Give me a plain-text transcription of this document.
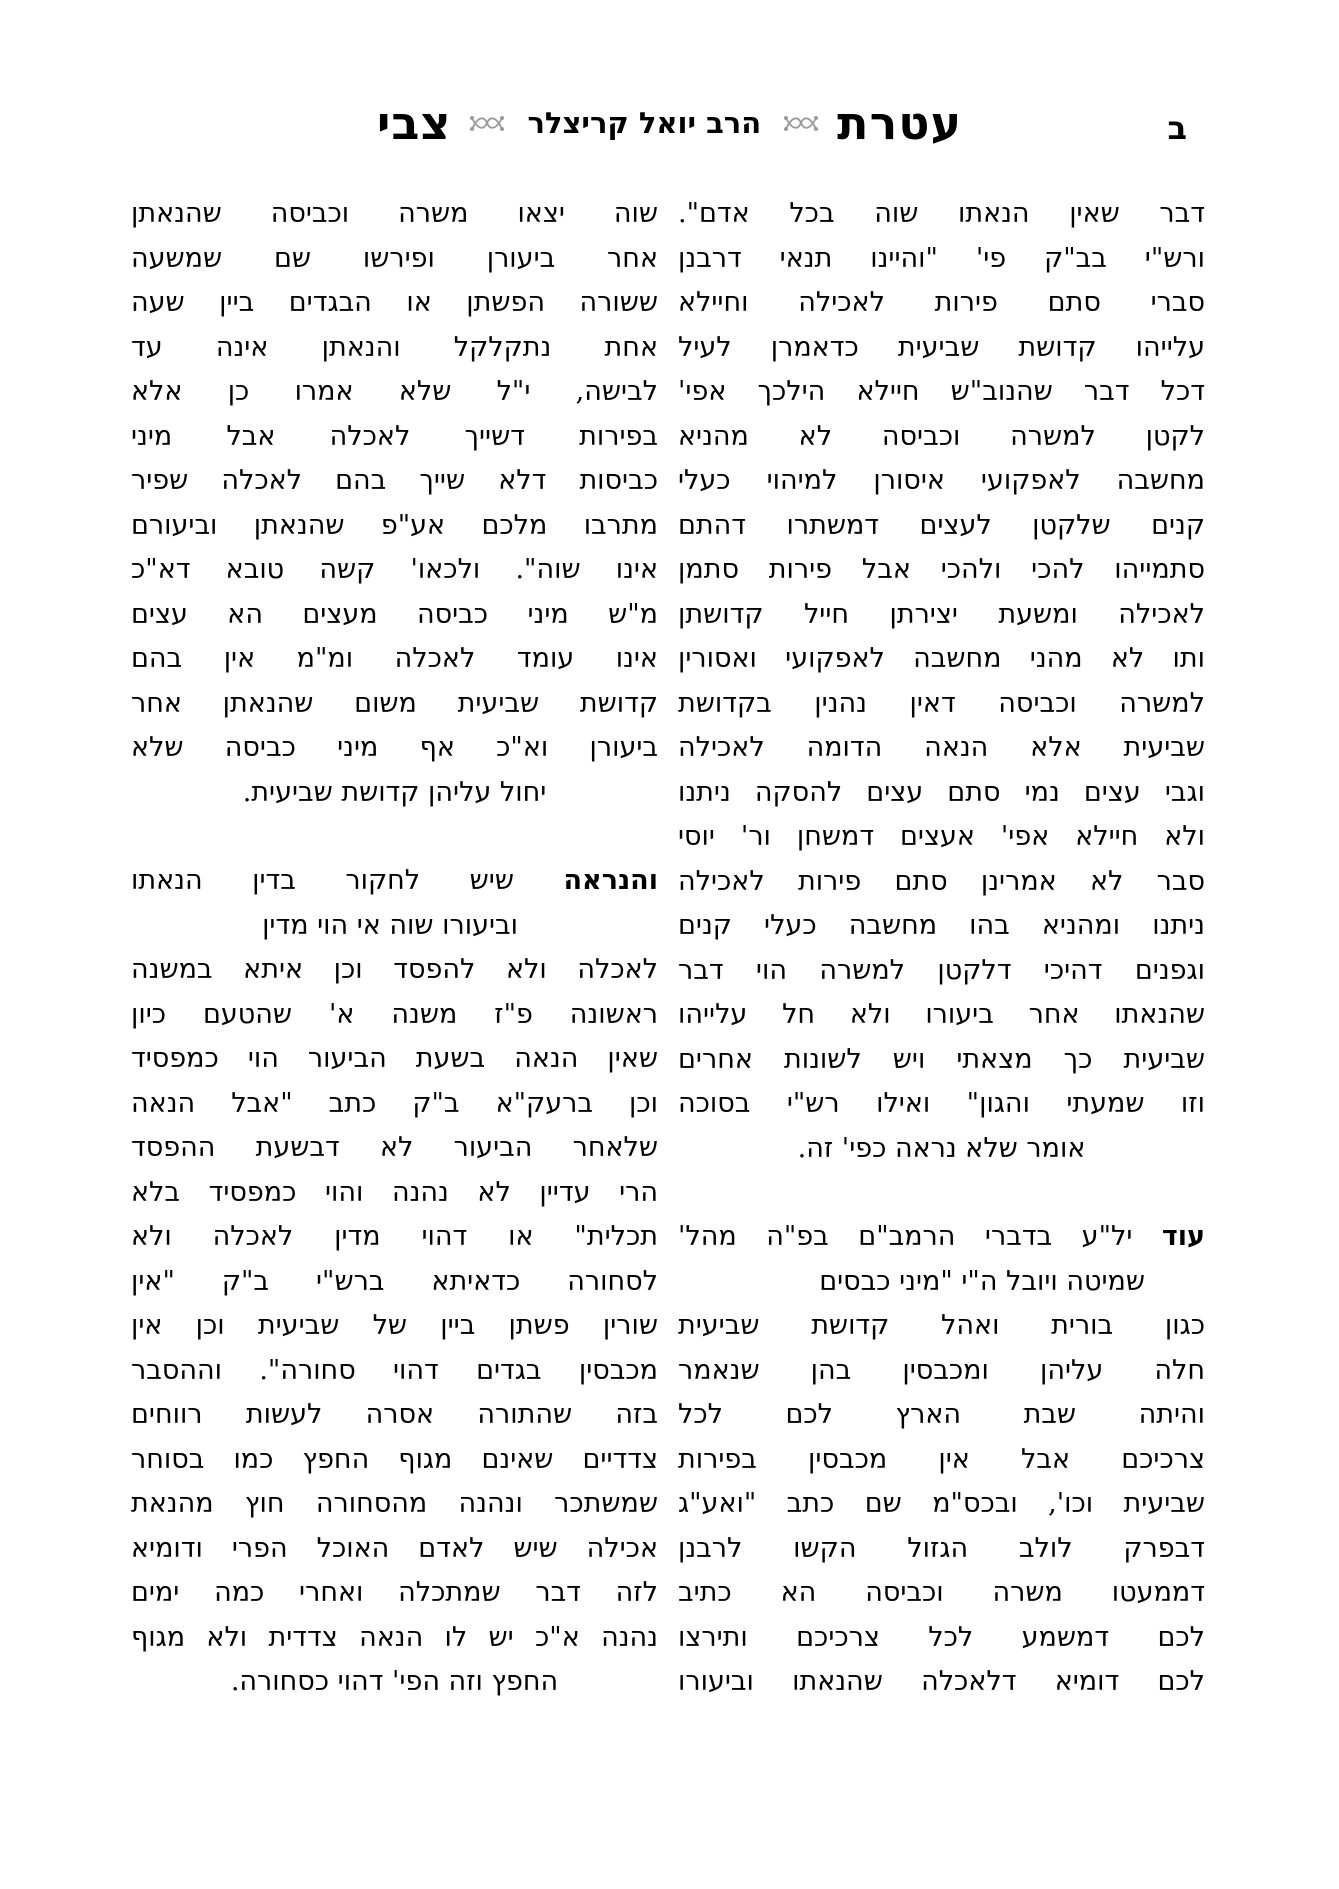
ב
עטרת
הרב יואל קריצלר
צבי
דבר שאין הנאתו שוה בכל אדם".
ורש"י בב"ק פי' "והיינו תנאי דרבנן
סברי סתם פירות לאכילה וחיילא
עלייהו קדושת שביעית כדאמרן לעיל
דכל דבר שהנוב"ש חיילא הילכך אפי'
לקטן למשרה וכביסה לא מהניא
מחשבה לאפקועי איסורן למיהוי כעלי
קנים שלקטן לעצים דמשתרו דהתם
סתמייהו להכי ולהכי אבל פירות סתמן
לאכילה ומשעת יצירתן חייל קדושתן
ותו לא מהני מחשבה לאפקועי ואסורין
למשרה וכביסה דאין נהנין בקדושת
שביעית אלא הנאה הדומה לאכילה
וגבי עצים נמי סתם עצים להסקה ניתנו
ולא חיילא אפי' אעצים דמשחן ור' יוסי
סבר לא אמרינן סתם פירות לאכילה
ניתנו ומהניא בהו מחשבה כעלי קנים
וגפנים דהיכי דלקטן למשרה הוי דבר
שהנאתו אחר ביעורו ולא חל עלייהו
שביעית כך מצאתי ויש לשונות אחרים
וזו שמעתי והגון" ואילו רש"י בסוכה
אומר שלא נראה כפי' זה.
עוד יל"ע בדברי הרמב"ם בפ"ה מהל'
שמיטה ויובל ה"י "מיני כבסים
כגון בורית ואהל קדושת שביעית
חלה עליהן ומכבסין בהן שנאמר
והיתה שבת הארץ לכם לכל
צרכיכם אבל אין מכבסין בפירות
שביעית וכו', ובכס"מ שם כתב "ואע"ג
דבפרק לולב הגזול הקשו לרבנן
דממעטו משרה וכביסה הא כתיב
לכם דמשמע לכל צרכיכם ותירצו
לכם דומיא דלאכלה שהנאתו וביעורו
שוה יצאו משרה וכביסה שהנאתן
אחר ביעורן ופירשו שם שמשעה
ששורה הפשתן או הבגדים ביין שעה
אחת נתקלקל והנאתן אינה עד
לבישה, י"ל שלא אמרו כן אלא
בפירות דשייך לאכלה אבל מיני
כביסות דלא שייך בהם לאכלה שפיר
מתרבו מלכם אע"פ שהנאתן וביעורם
אינו שוה". ולכאו' קשה טובא דא"כ
מ"ש מיני כביסה מעצים הא עצים
אינו עומד לאכלה ומ"מ אין בהם
קדושת שביעית משום שהנאתן אחר
ביעורן וא"כ אף מיני כביסה שלא
יחול עליהן קדושת שביעית.
והנראה שיש לחקור בדין הנאתו
וביעורו שוה אי הוי מדין
לאכלה ולא להפסד וכן איתא במשנה
ראשונה פ"ז משנה א' שהטעם כיון
שאין הנאה בשעת הביעור הוי כמפסיד
וכן ברעק"א ב"ק כתב "אבל הנאה
שלאחר הביעור לא דבשעת ההפסד
הרי עדיין לא נהנה והוי כמפסיד בלא
תכלית" או דהוי מדין לאכלה ולא
לסחורה כדאיתא ברש"י ב"ק "אין
שורין פשתן ביין של שביעית וכן אין
מכבסין בגדים דהוי סחורה". וההסבר
בזה שהתורה אסרה לעשות רווחים
צדדיים שאינם מגוף החפץ כמו בסוחר
שמשתכר ונהנה מהסחורה חוץ מהנאת
אכילה שיש לאדם האוכל הפרי ודומיא
לזה דבר שמתכלה ואחרי כמה ימים
נהנה א"כ יש לו הנאה צדדית ולא מגוף
החפץ וזה הפי' דהוי כסחורה.
